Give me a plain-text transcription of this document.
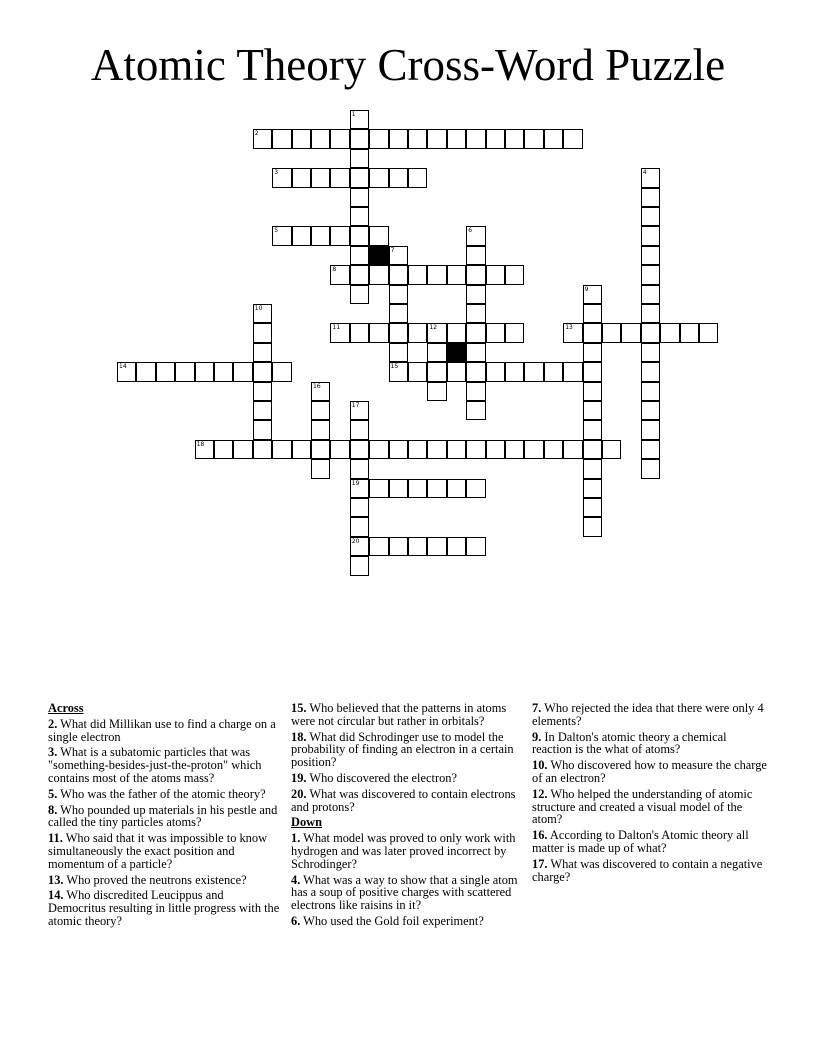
Atomic Theory Cross-Word Puzzle
2
3
5
8
11	12	13
14	15
18
19
20
1
4
6
7
9
10
16
17
Across
2. What did Millikan use to find a charge on a single electron
3. What is a subatomic particles that was "something-besides-just-the-proton" which contains most of the atoms mass?
5. Who was the father of the atomic theory?
8. Who pounded up materials in his pestle and called the tiny particles atoms?
11. Who said that it was impossible to know simultaneously the exact position and momentum of a particle?
13. Who proved the neutrons existence?
14. Who discredited Leucippus and Democritus resulting in little progress with the atomic theory?
15. Who believed that the patterns in atoms were not circular but rather in orbitals?
18. What did Schrodinger use to model the probability of finding an electron in a certain position?
19. Who discovered the electron?
20. What was discovered to contain electrons and protons?
Down
1. What model was proved to only work with hydrogen and was later proved incorrect by Schrodinger?
4. What was a way to show that a single atom has a soup of positive charges with scattered electrons like raisins in it?
6. Who used the Gold foil experiment?
7. Who rejected the idea that there were only 4 elements?
9. In Dalton's atomic theory a chemical reaction is the what of atoms?
10. Who discovered how to measure the charge of an electron?
12. Who helped the understanding of atomic structure and created a visual model of the atom?
16. According to Dalton's Atomic theory all matter is made up of what?
17. What was discovered to contain a negative charge?
